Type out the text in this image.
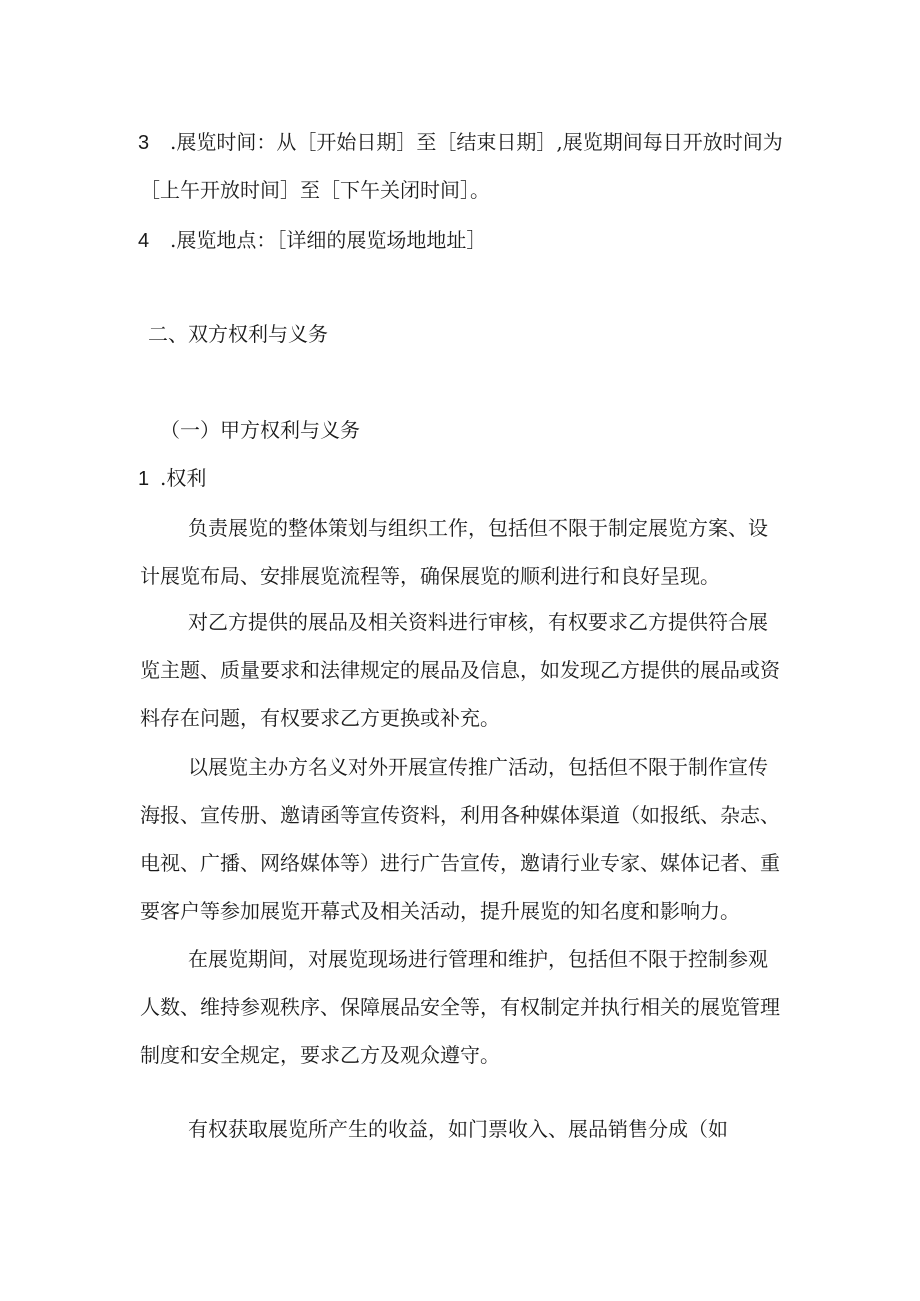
3 .展览时间：从［开始日期］至［结束日期］,展览期间每日开放时间为

［上午开放时间］至［下午关闭时间］。

4 .展览地点：［详细的展览场地地址］

二、双方权利与义务

（一）甲方权利与义务

1 .权利

负责展览的整体策划与组织工作，包括但不限于制定展览方案、设

计展览布局、安排展览流程等，确保展览的顺利进行和良好呈现。

对乙方提供的展品及相关资料进行审核，有权要求乙方提供符合展

览主题、质量要求和法律规定的展品及信息，如发现乙方提供的展品或资

料存在问题，有权要求乙方更换或补充。

以展览主办方名义对外开展宣传推广活动，包括但不限于制作宣传

海报、宣传册、邀请函等宣传资料，利用各种媒体渠道（如报纸、杂志、

电视、广播、网络媒体等）进行广告宣传，邀请行业专家、媒体记者、重

要客户等参加展览开幕式及相关活动，提升展览的知名度和影响力。

在展览期间，对展览现场进行管理和维护，包括但不限于控制参观

人数、维持参观秩序、保障展品安全等，有权制定并执行相关的展览管理

制度和安全规定，要求乙方及观众遵守。

有权获取展览所产生的收益，如门票收入、展品销售分成（如
